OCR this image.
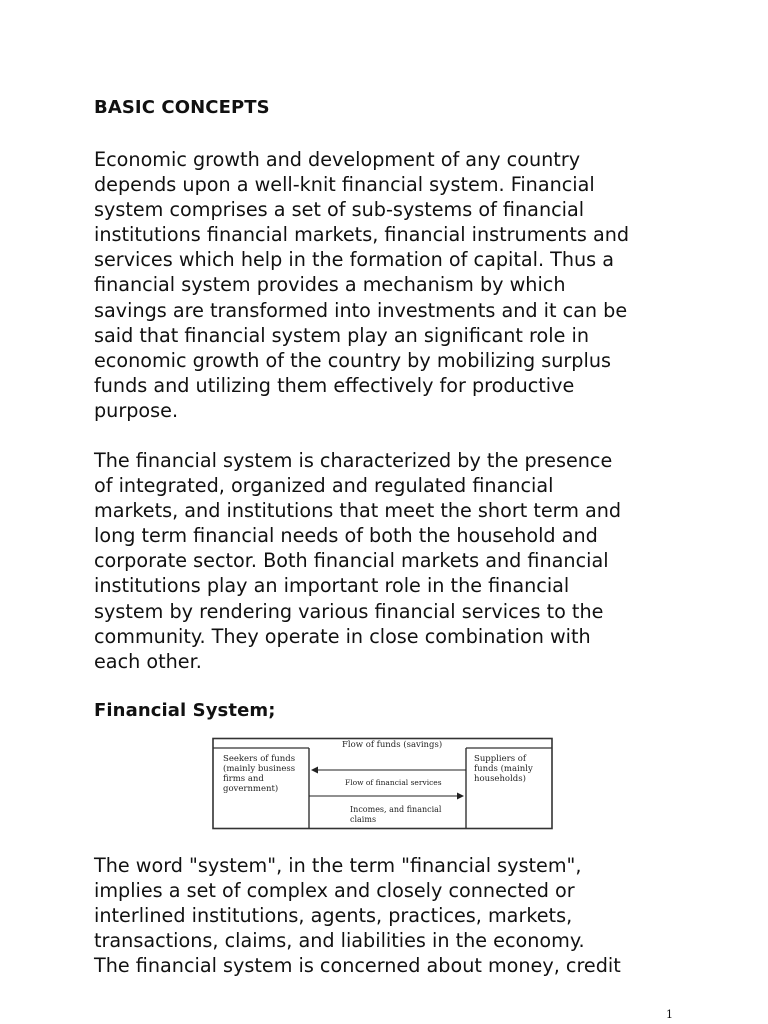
BASIC CONCEPTS

Economic growth and development of any country
depends upon a well-knit financial system. Financial
system comprises a set of sub-systems of financial
institutions financial markets, financial instruments and
services which help in the formation of capital. Thus a
financial system provides a mechanism by which
savings are transformed into investments and it can be
said that financial system play an significant role in
economic growth of the country by mobilizing surplus
funds and utilizing them effectively for productive
purpose.

The financial system is characterized by the presence
of integrated, organized and regulated financial
markets, and institutions that meet the short term and
long term financial needs of both the household and
corporate sector. Both financial markets and financial
institutions play an important role in the financial
system by rendering various financial services to the
community. They operate in close combination with
each other.

Financial System;
Flow of funds (savings)
Seekers of funds
(mainly business
firms and
government)
Suppliers of
funds (mainly
households)
Flow of financial services
Incomes, and financial
claims

The word "system", in the term "financial system",
implies a set of complex and closely connected or
interlined institutions, agents, practices, markets,
transactions, claims, and liabilities in the economy.
The financial system is concerned about money, credit

1
